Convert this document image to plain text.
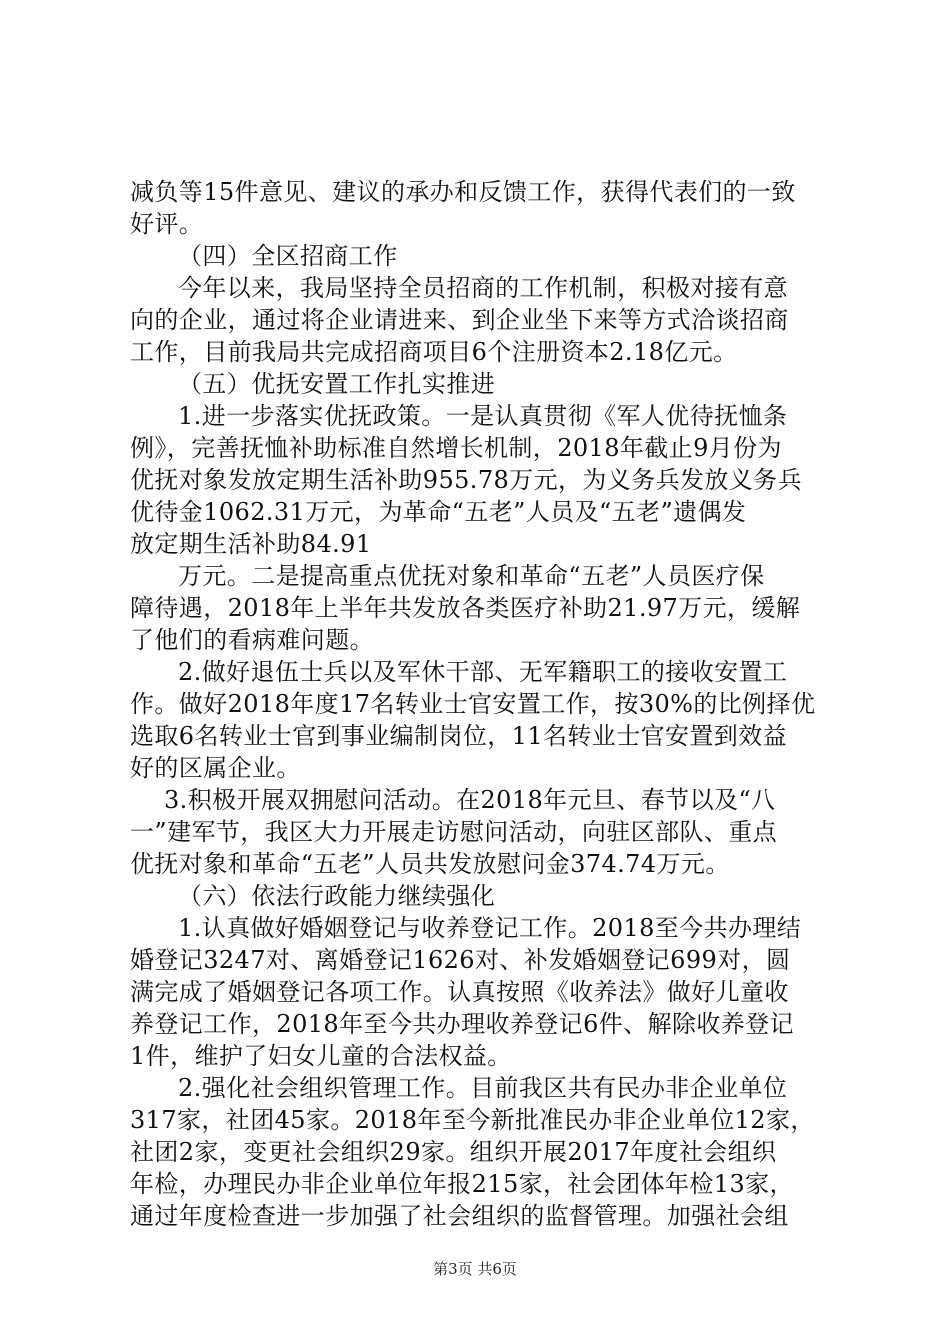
减负等15件意见、建议的承办和反馈工作，获得代表们的一致
好评。
（四）全区招商工作
今年以来，我局坚持全员招商的工作机制，积极对接有意
向的企业，通过将企业请进来、到企业坐下来等方式洽谈招商
工作，目前我局共完成招商项目6个注册资本2.18亿元。
（五）优抚安置工作扎实推进
1.进一步落实优抚政策。一是认真贯彻《军人优待抚恤条
例》，完善抚恤补助标准自然增长机制，2018年截止9月份为
优抚对象发放定期生活补助955.78万元，为义务兵发放义务兵
优待金1062.31万元，为革命“五老”人员及“五老”遗偶发
放定期生活补助84.91
万元。二是提高重点优抚对象和革命“五老”人员医疗保
障待遇，2018年上半年共发放各类医疗补助21.97万元，缓解
了他们的看病难问题。
2.做好退伍士兵以及军休干部、无军籍职工的接收安置工
作。做好2018年度17名转业士官安置工作，按30%的比例择优
选取6名转业士官到事业编制岗位，11名转业士官安置到效益
好的区属企业。
3.积极开展双拥慰问活动。在2018年元旦、春节以及“八
一”建军节，我区大力开展走访慰问活动，向驻区部队、重点
优抚对象和革命“五老”人员共发放慰问金374.74万元。
（六）依法行政能力继续强化
1.认真做好婚姻登记与收养登记工作。2018至今共办理结
婚登记3247对、离婚登记1626对、补发婚姻登记699对，圆
满完成了婚姻登记各项工作。认真按照《收养法》做好儿童收
养登记工作，2018年至今共办理收养登记6件、解除收养登记
1件，维护了妇女儿童的合法权益。
2.强化社会组织管理工作。目前我区共有民办非企业单位
317家，社团45家。2018年至今新批准民办非企业单位12家，
社团2家，变更社会组织29家。组织开展2017年度社会组织
年检，办理民办非企业单位年报215家，社会团体年检13家，
通过年度检查进一步加强了社会组织的监督管理。加强社会组
第3页 共6页
